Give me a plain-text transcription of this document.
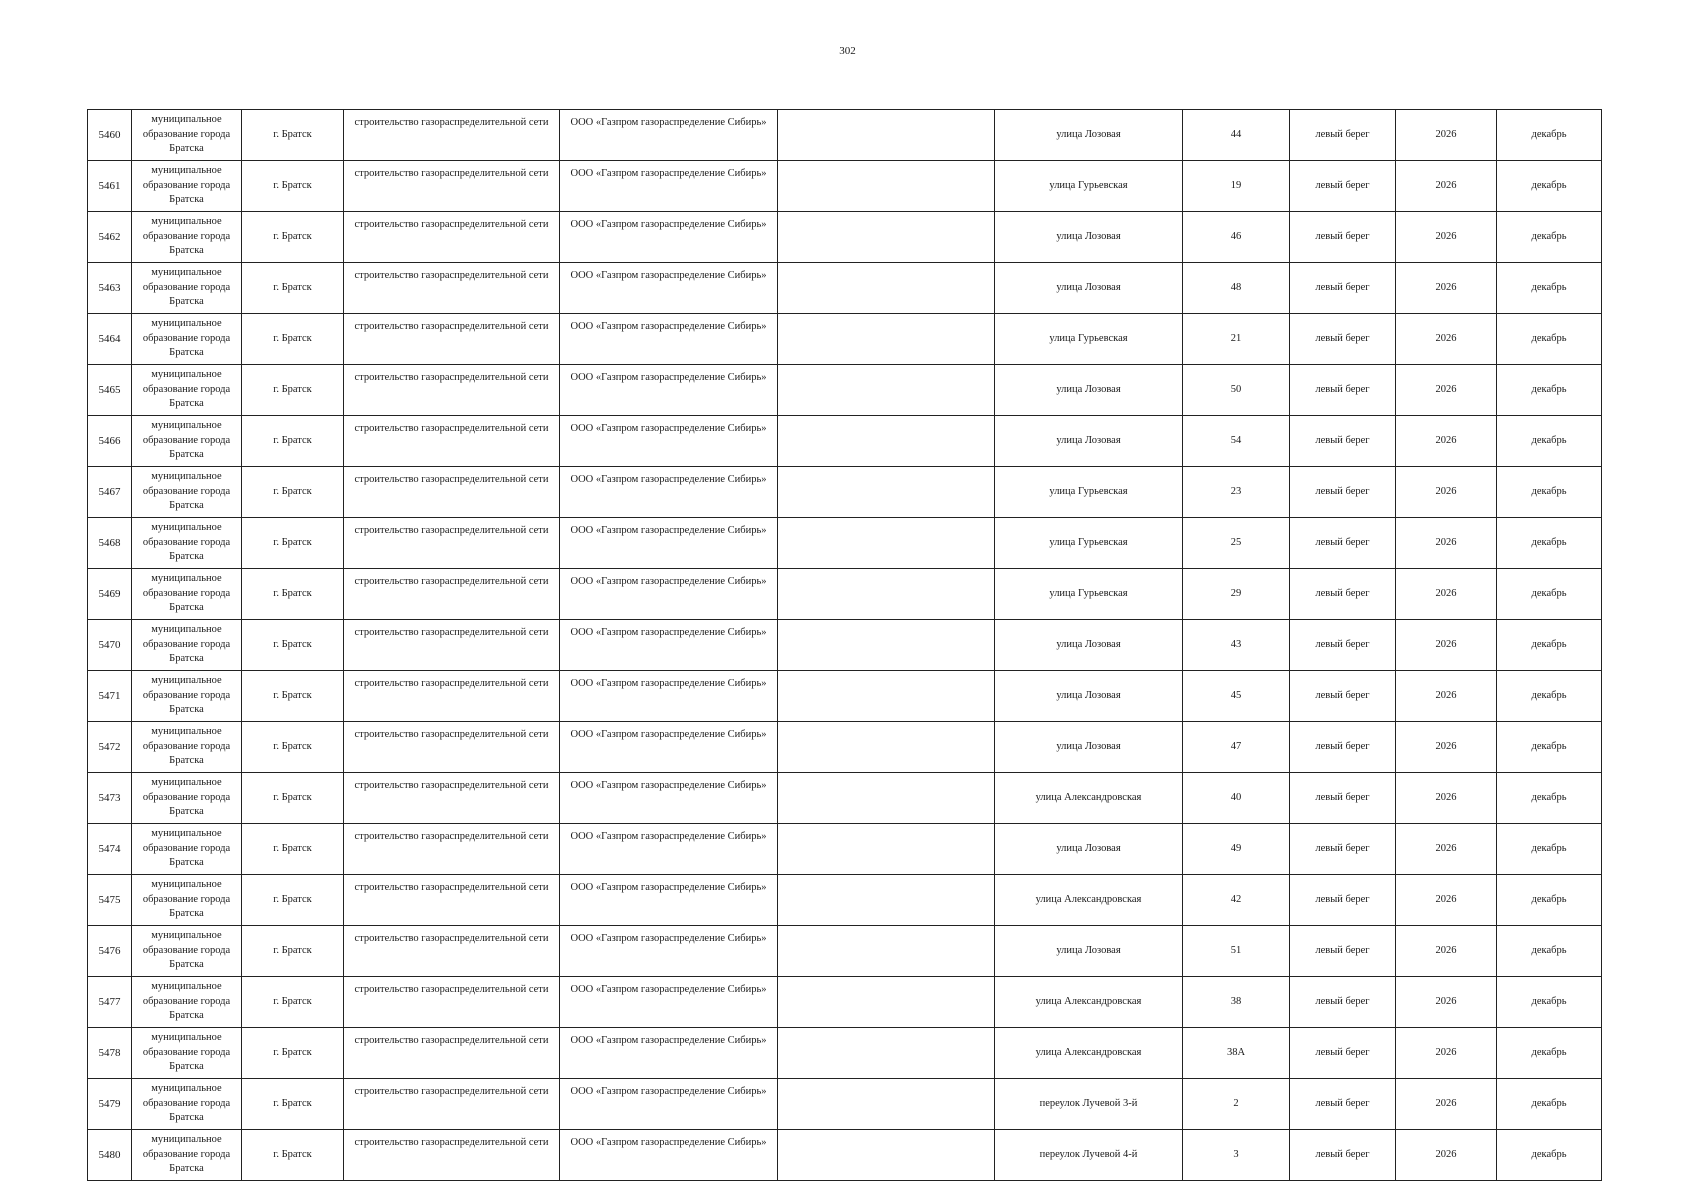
302
5460	муниципальное образование города Братска	г. Братск	строительство газораспределительной сети	ООО «Газпром газораспределение Сибирь»		улица Лозовая	44	левый берег	2026	декабрь
5461	муниципальное образование города Братска	г. Братск	строительство газораспределительной сети	ООО «Газпром газораспределение Сибирь»		улица Гурьевская	19	левый берег	2026	декабрь
5462	муниципальное образование города Братска	г. Братск	строительство газораспределительной сети	ООО «Газпром газораспределение Сибирь»		улица Лозовая	46	левый берег	2026	декабрь
5463	муниципальное образование города Братска	г. Братск	строительство газораспределительной сети	ООО «Газпром газораспределение Сибирь»		улица Лозовая	48	левый берег	2026	декабрь
5464	муниципальное образование города Братска	г. Братск	строительство газораспределительной сети	ООО «Газпром газораспределение Сибирь»		улица Гурьевская	21	левый берег	2026	декабрь
5465	муниципальное образование города Братска	г. Братск	строительство газораспределительной сети	ООО «Газпром газораспределение Сибирь»		улица Лозовая	50	левый берег	2026	декабрь
5466	муниципальное образование города Братска	г. Братск	строительство газораспределительной сети	ООО «Газпром газораспределение Сибирь»		улица Лозовая	54	левый берег	2026	декабрь
5467	муниципальное образование города Братска	г. Братск	строительство газораспределительной сети	ООО «Газпром газораспределение Сибирь»		улица Гурьевская	23	левый берег	2026	декабрь
5468	муниципальное образование города Братска	г. Братск	строительство газораспределительной сети	ООО «Газпром газораспределение Сибирь»		улица Гурьевская	25	левый берег	2026	декабрь
5469	муниципальное образование города Братска	г. Братск	строительство газораспределительной сети	ООО «Газпром газораспределение Сибирь»		улица Гурьевская	29	левый берег	2026	декабрь
5470	муниципальное образование города Братска	г. Братск	строительство газораспределительной сети	ООО «Газпром газораспределение Сибирь»		улица Лозовая	43	левый берег	2026	декабрь
5471	муниципальное образование города Братска	г. Братск	строительство газораспределительной сети	ООО «Газпром газораспределение Сибирь»		улица Лозовая	45	левый берег	2026	декабрь
5472	муниципальное образование города Братска	г. Братск	строительство газораспределительной сети	ООО «Газпром газораспределение Сибирь»		улица Лозовая	47	левый берег	2026	декабрь
5473	муниципальное образование города Братска	г. Братск	строительство газораспределительной сети	ООО «Газпром газораспределение Сибирь»		улица Александровская	40	левый берег	2026	декабрь
5474	муниципальное образование города Братска	г. Братск	строительство газораспределительной сети	ООО «Газпром газораспределение Сибирь»		улица Лозовая	49	левый берег	2026	декабрь
5475	муниципальное образование города Братска	г. Братск	строительство газораспределительной сети	ООО «Газпром газораспределение Сибирь»		улица Александровская	42	левый берег	2026	декабрь
5476	муниципальное образование города Братска	г. Братск	строительство газораспределительной сети	ООО «Газпром газораспределение Сибирь»		улица Лозовая	51	левый берег	2026	декабрь
5477	муниципальное образование города Братска	г. Братск	строительство газораспределительной сети	ООО «Газпром газораспределение Сибирь»		улица Александровская	38	левый берег	2026	декабрь
5478	муниципальное образование города Братска	г. Братск	строительство газораспределительной сети	ООО «Газпром газораспределение Сибирь»		улица Александровская	38А	левый берег	2026	декабрь
5479	муниципальное образование города Братска	г. Братск	строительство газораспределительной сети	ООО «Газпром газораспределение Сибирь»		переулок Лучевой 3-й	2	левый берег	2026	декабрь
5480	муниципальное образование города Братска	г. Братск	строительство газораспределительной сети	ООО «Газпром газораспределение Сибирь»		переулок Лучевой 4-й	3	левый берег	2026	декабрь
